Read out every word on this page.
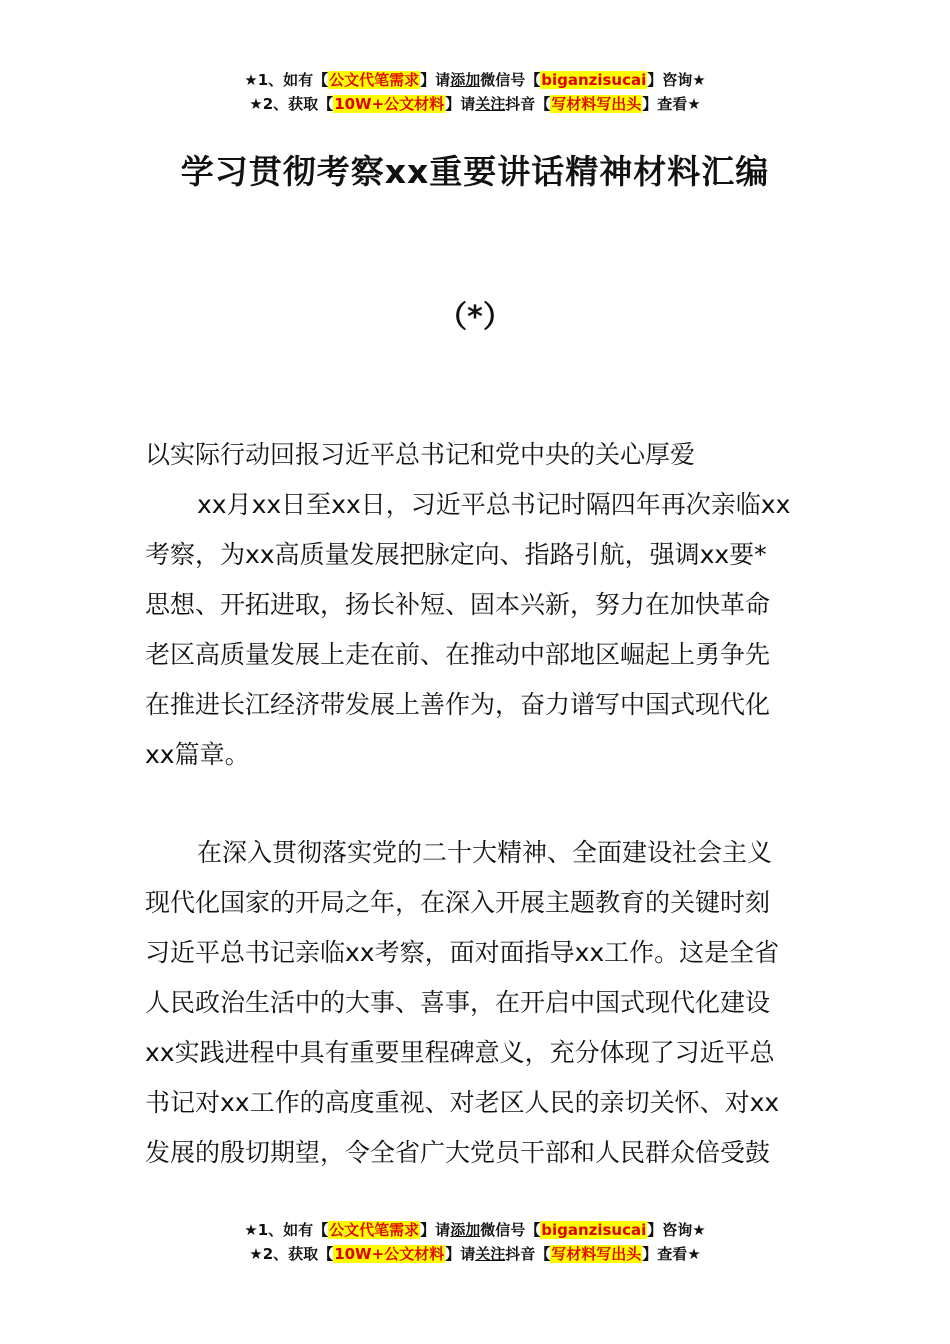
★1、如有【公文代笔需求】请添加微信号【biganzisucai】咨询★
★2、获取【10W+公文材料】请关注抖音【写材料写出头】查看★
学习贯彻考察xx重要讲话精神材料汇编
（*）
以实际行动回报习近平总书记和党中央的关心厚爱
xx月xx日至xx日，习近平总书记时隔四年再次亲临xx
考察，为xx高质量发展把脉定向、指路引航，强调xx要*
思想、开拓进取，扬长补短、固本兴新，努力在加快革命
老区高质量发展上走在前、在推动中部地区崛起上勇争先
在推进长江经济带发展上善作为，奋力谱写中国式现代化
xx篇章。
在深入贯彻落实党的二十大精神、全面建设社会主义
现代化国家的开局之年，在深入开展主题教育的关键时刻
习近平总书记亲临xx考察，面对面指导xx工作。这是全省
人民政治生活中的大事、喜事，在开启中国式现代化建设
xx实践进程中具有重要里程碑意义，充分体现了习近平总
书记对xx工作的高度重视、对老区人民的亲切关怀、对xx
发展的殷切期望，令全省广大党员干部和人民群众倍受鼓
★1、如有【公文代笔需求】请添加微信号【biganzisucai】咨询★
★2、获取【10W+公文材料】请关注抖音【写材料写出头】查看★
